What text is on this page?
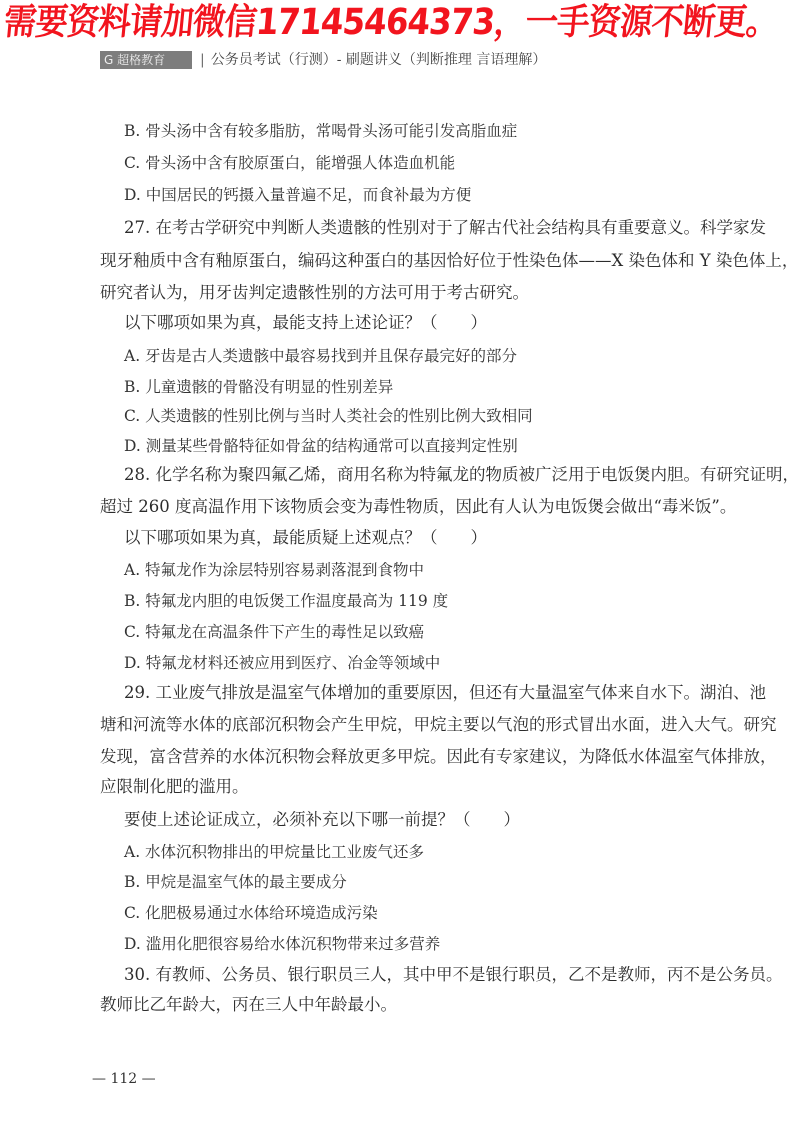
需要资料请加微信17145464373，一手资源不断更。
G 超格教育	| 公务员考试（行测）- 刷题讲义（判断推理 言语理解）
B. 骨头汤中含有较多脂肪，常喝骨头汤可能引发高脂血症
C. 骨头汤中含有胶原蛋白，能增强人体造血机能
D. 中国居民的钙摄入量普遍不足，而食补最为方便
27. 在考古学研究中判断人类遗骸的性别对于了解古代社会结构具有重要意义。科学家发
现牙釉质中含有釉原蛋白，编码这种蛋白的基因恰好位于性染色体——X 染色体和 Y 染色体上，
研究者认为，用牙齿判定遗骸性别的方法可用于考古研究。
以下哪项如果为真，最能支持上述论证？（　　）
A. 牙齿是古人类遗骸中最容易找到并且保存最完好的部分
B. 儿童遗骸的骨骼没有明显的性别差异
C. 人类遗骸的性别比例与当时人类社会的性别比例大致相同
D. 测量某些骨骼特征如骨盆的结构通常可以直接判定性别
28. 化学名称为聚四氟乙烯，商用名称为特氟龙的物质被广泛用于电饭煲内胆。有研究证明，
超过 260 度高温作用下该物质会变为毒性物质，因此有人认为电饭煲会做出“毒米饭”。
以下哪项如果为真，最能质疑上述观点？（　　）
A. 特氟龙作为涂层特别容易剥落混到食物中
B. 特氟龙内胆的电饭煲工作温度最高为 119 度
C. 特氟龙在高温条件下产生的毒性足以致癌
D. 特氟龙材料还被应用到医疗、冶金等领域中
29. 工业废气排放是温室气体增加的重要原因，但还有大量温室气体来自水下。湖泊、池
塘和河流等水体的底部沉积物会产生甲烷，甲烷主要以气泡的形式冒出水面，进入大气。研究
发现，富含营养的水体沉积物会释放更多甲烷。因此有专家建议，为降低水体温室气体排放，
应限制化肥的滥用。
要使上述论证成立，必须补充以下哪一前提？（　　）
A. 水体沉积物排出的甲烷量比工业废气还多
B. 甲烷是温室气体的最主要成分
C. 化肥极易通过水体给环境造成污染
D. 滥用化肥很容易给水体沉积物带来过多营养
30. 有教师、公务员、银行职员三人，其中甲不是银行职员，乙不是教师，丙不是公务员。
教师比乙年龄大，丙在三人中年龄最小。
— 112 —
